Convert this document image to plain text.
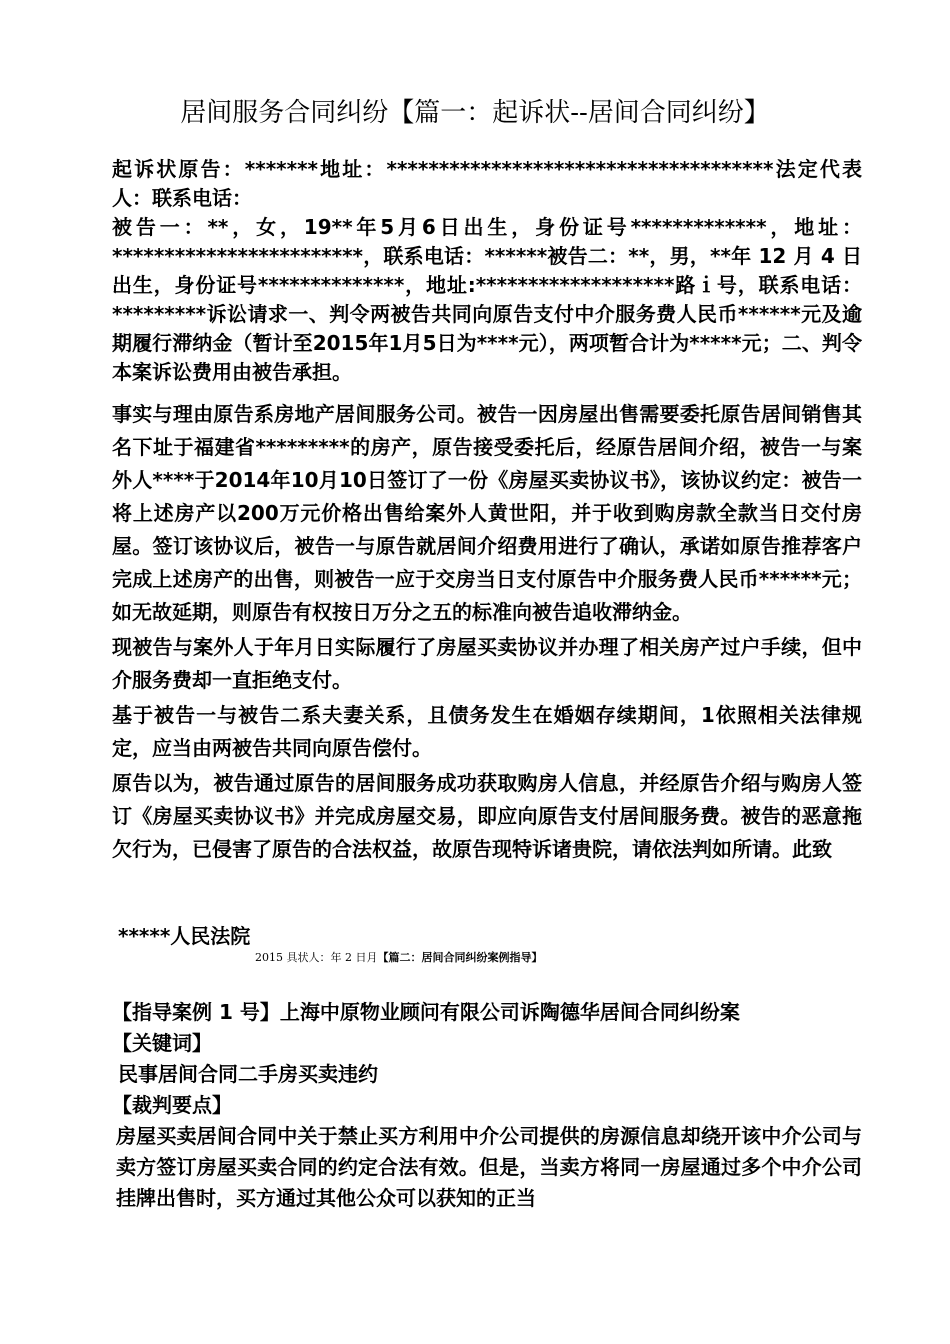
居间服务合同纠纷【篇一：起诉状--居间合同纠纷】
起诉状原告：*******地址：*************************************法定代表人：联系电话：
被告一：**，女，19**年5月6日出生，身份证号*************，地址：************************，联系电话：******被告二：**，男，**年 12 月 4 日出生，身份证号**************，地址:*******************路ｉ号，联系电话：*********诉讼请求一、判令两被告共同向原告支付中介服务费人民币******元及逾期履行滞纳金（暂计至2015年1月5日为****元），两项暂合计为*****元；二、判令本案诉讼费用由被告承担。

事实与理由原告系房地产居间服务公司。被告一因房屋出售需要委托原告居间销售其名下址于福建省*********的房产，原告接受委托后，经原告居间介绍，被告一与案外人****于2014年10月10日签订了一份《房屋买卖协议书》，该协议约定：被告一将上述房产以200万元价格出售给案外人黄世阳，并于收到购房款全款当日交付房屋。签订该协议后，被告一与原告就居间介绍费用进行了确认，承诺如原告推荐客户完成上述房产的出售，则被告一应于交房当日支付原告中介服务费人民币******元；如无故延期，则原告有权按日万分之五的标准向被告追收滞纳金。

现被告与案外人于年月日实际履行了房屋买卖协议并办理了相关房产过户手续，但中介服务费却一直拒绝支付。

基于被告一与被告二系夫妻关系，且债务发生在婚姻存续期间，1依照相关法律规定，应当由两被告共同向原告偿付。

原告以为，被告通过原告的居间服务成功获取购房人信息，并经原告介绍与购房人签订《房屋买卖协议书》并完成房屋交易，即应向原告支付居间服务费。被告的恶意拖欠行为，已侵害了原告的合法权益，故原告现特诉诸贵院，请依法判如所请。此致

*****人民法院
2015 具状人：年 2 日月【篇二：居间合同纠纷案例指导】
【指导案例 1 号】上海中原物业顾问有限公司诉陶德华居间合同纠纷案
【关键词】
民事居间合同二手房买卖违约
【裁判要点】
房屋买卖居间合同中关于禁止买方利用中介公司提供的房源信息却绕开该中介公司与卖方签订房屋买卖合同的约定合法有效。但是，当卖方将同一房屋通过多个中介公司挂牌出售时，买方通过其他公众可以获知的正当
